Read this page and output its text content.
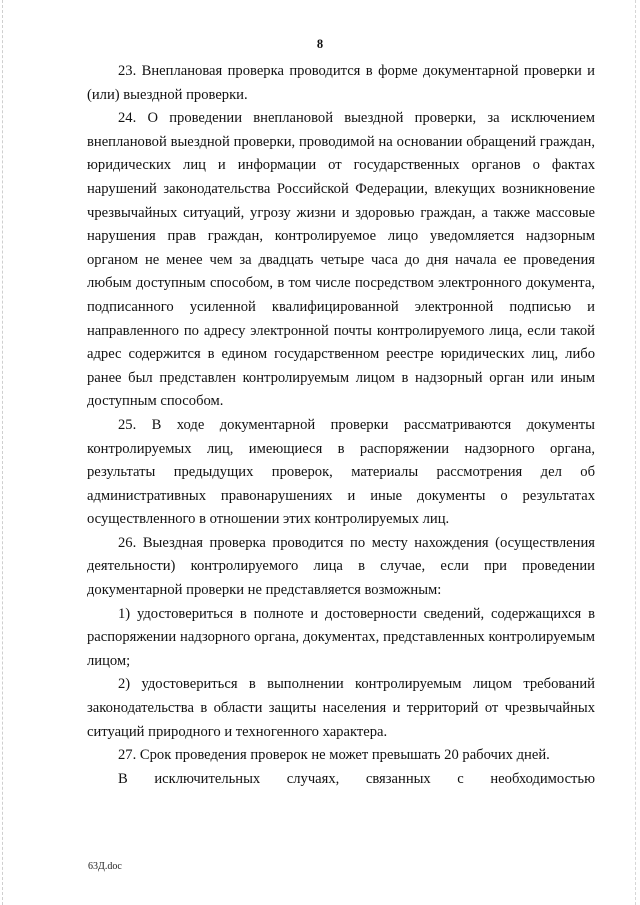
8

23. Внеплановая проверка проводится в форме документарной проверки и (или) выездной проверки.

24. О проведении внеплановой выездной проверки, за исключением внеплановой выездной проверки, проводимой на основании обращений граждан, юридических лиц и информации от государственных органов о фактах нарушений законодательства Российской Федерации, влекущих возникновение чрезвычайных ситуаций, угрозу жизни и здоровью граждан, а также массовые нарушения прав граждан, контролируемое лицо уведомляется надзорным органом не менее чем за двадцать четыре часа до дня начала ее проведения любым доступным способом, в том числе посредством электронного документа, подписанного усиленной квалифицированной электронной подписью и направленного по адресу электронной почты контролируемого лица, если такой адрес содержится в едином государственном реестре юридических лиц, либо ранее был представлен контролируемым лицом в надзорный орган или иным доступным способом.

25. В ходе документарной проверки рассматриваются документы контролируемых лиц, имеющиеся в распоряжении надзорного органа, результаты предыдущих проверок, материалы рассмотрения дел об административных правонарушениях и иные документы о результатах осуществленного в отношении этих контролируемых лиц.

26. Выездная проверка проводится по месту нахождения (осуществления деятельности) контролируемого лица в случае, если при проведении документарной проверки не представляется возможным:

1) удостовериться в полноте и достоверности сведений, содержащихся в распоряжении надзорного органа, документах, представленных контролируемым лицом;

2) удостовериться в выполнении контролируемым лицом требований законодательства в области защиты населения и территорий от чрезвычайных ситуаций природного и техногенного характера.

27. Срок проведения проверок не может превышать 20 рабочих дней.

В исключительных случаях, связанных с необходимостью

63Д.doc
